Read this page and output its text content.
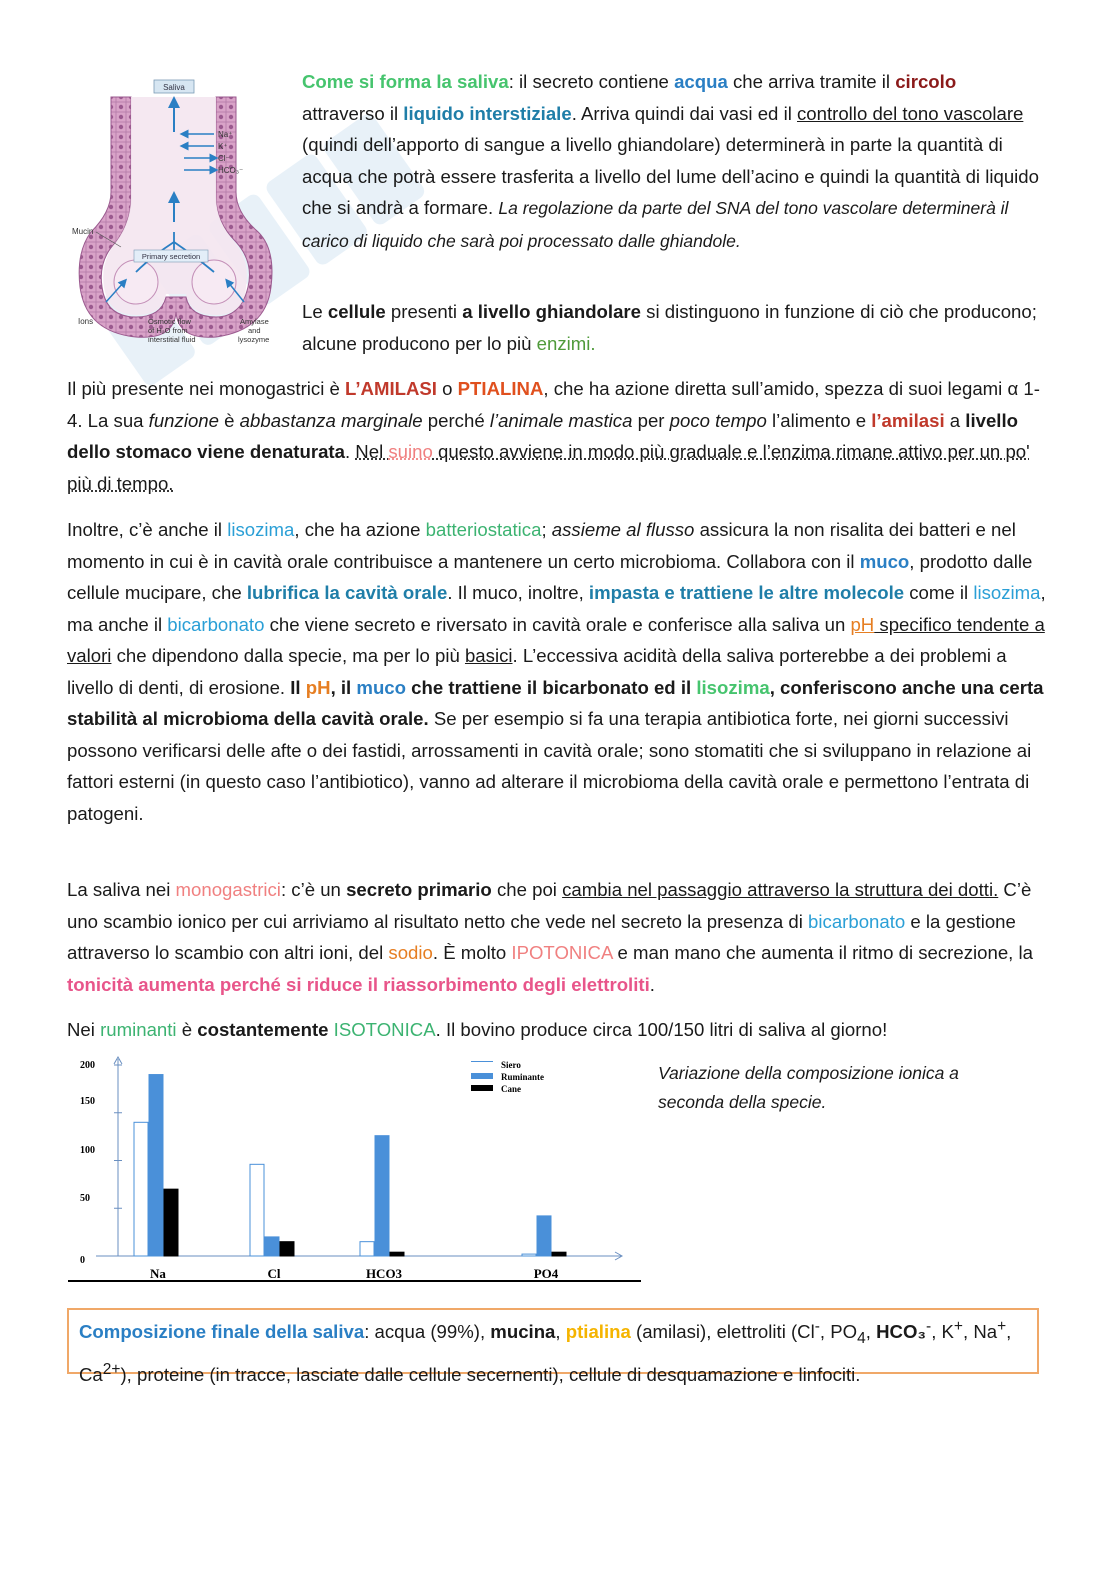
Saliva
Na⁺
K⁺
Cl⁻
HCO₃⁻
Mucin
Primary secretion
Ions	Osmotic flow
of H₂O from
interstitial fluid
Amylase
and
lysozyme

Come si forma la saliva: il secreto contiene acqua che arriva tramite il circolo attraverso il liquido interstiziale. Arriva quindi dai vasi ed il controllo del tono vascolare (quindi dell’apporto di sangue a livello ghiandolare) determinerà in parte la quantità di acqua che potrà essere trasferita a livello del lume dell’acino e quindi la quantità di liquido che si andrà a formare. La regolazione da parte del SNA del tono vascolare determinerà il carico di liquido che sarà poi processato dalle ghiandole.

Le cellule presenti a livello ghiandolare si distinguono in funzione di ciò che producono; alcune producono per lo più enzimi.

Il più presente nei monogastrici è L’AMILASI o PTIALINA, che ha azione diretta sull’amido, spezza di suoi legami α 1-4. La sua funzione è abbastanza marginale perché l’animale mastica per poco tempo l’alimento e l’amilasi a livello dello stomaco viene denaturata. Nel suino questo avviene in modo più graduale e l’enzima rimane attivo per un po' più di tempo.

Inoltre, c’è anche il lisozima, che ha azione batteriostatica; assieme al flusso assicura la non risalita dei batteri e nel momento in cui è in cavità orale contribuisce a mantenere un certo microbioma. Collabora con il muco, prodotto dalle cellule mucipare, che lubrifica la cavità orale. Il muco, inoltre, impasta e trattiene le altre molecole come il lisozima, ma anche il bicarbonato che viene secreto e riversato in cavità orale e conferisce alla saliva un pH specifico tendente a valori che dipendono dalla specie, ma per lo più basici. L’eccessiva acidità della saliva porterebbe a dei problemi a livello di denti, di erosione. Il pH, il muco che trattiene il bicarbonato ed il lisozima, conferiscono anche una certa stabilità al microbioma della cavità orale. Se per esempio si fa una terapia antibiotica forte, nei giorni successivi possono verificarsi delle afte o dei fastidi, arrossamenti in cavità orale; sono stomatiti che si sviluppano in relazione ai fattori esterni (in questo caso l’antibiotico), vanno ad alterare il microbioma della cavità orale e permettono l’entrata di patogeni.

La saliva nei monogastrici: c’è un secreto primario che poi cambia nel passaggio attraverso la struttura dei dotti. C’è uno scambio ionico per cui arriviamo al risultato netto che vede nel secreto la presenza di bicarbonato e la gestione attraverso lo scambio con altri ioni, del sodio. È molto IPOTONICA e man mano che aumenta il ritmo di secrezione, la tonicità aumenta perché si riduce il riassorbimento degli elettroliti.

Nei ruminanti è costantemente ISOTONICA. Il bovino produce circa 100/150 litri di saliva al giorno!

200
150
100
50
0
Na	Cl	HCO3	PO4
Siero
Ruminante
Cane

Variazione della composizione ionica a seconda della specie.

Composizione finale della saliva: acqua (99%), mucina, ptialina (amilasi), elettroliti (Cl-, $PO_4$, HCO₃-, K+, Na+, $Ca^{2+}$), proteine (in tracce, lasciate dalle cellule secernenti), cellule di desquamazione e linfociti.
